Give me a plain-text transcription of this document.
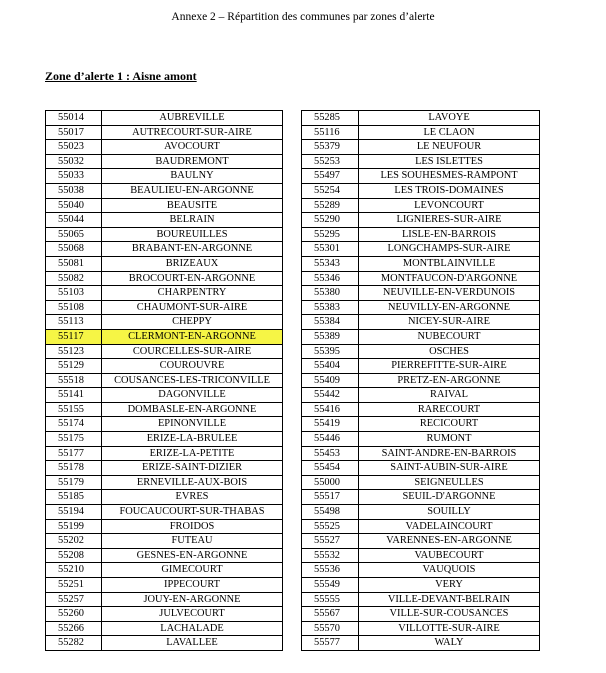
Annexe 2 – Répartition des communes par zones d’alerte
Zone d’alerte 1 : Aisne amont
55014	AUBREVILLE
55017	AUTRECOURT-SUR-AIRE
55023	AVOCOURT
55032	BAUDREMONT
55033	BAULNY
55038	BEAULIEU-EN-ARGONNE
55040	BEAUSITE
55044	BELRAIN
55065	BOUREUILLES
55068	BRABANT-EN-ARGONNE
55081	BRIZEAUX
55082	BROCOURT-EN-ARGONNE
55103	CHARPENTRY
55108	CHAUMONT-SUR-AIRE
55113	CHEPPY
55117	CLERMONT-EN-ARGONNE
55123	COURCELLES-SUR-AIRE
55129	COUROUVRE
55518	COUSANCES-LES-TRICONVILLE
55141	DAGONVILLE
55155	DOMBASLE-EN-ARGONNE
55174	EPINONVILLE
55175	ERIZE-LA-BRULEE
55177	ERIZE-LA-PETITE
55178	ERIZE-SAINT-DIZIER
55179	ERNEVILLE-AUX-BOIS
55185	EVRES
55194	FOUCAUCOURT-SUR-THABAS
55199	FROIDOS
55202	FUTEAU
55208	GESNES-EN-ARGONNE
55210	GIMECOURT
55251	IPPECOURT
55257	JOUY-EN-ARGONNE
55260	JULVECOURT
55266	LACHALADE
55282	LAVALLEE
55285	LAVOYE
55116	LE CLAON
55379	LE NEUFOUR
55253	LES ISLETTES
55497	LES SOUHESMES-RAMPONT
55254	LES TROIS-DOMAINES
55289	LEVONCOURT
55290	LIGNIERES-SUR-AIRE
55295	LISLE-EN-BARROIS
55301	LONGCHAMPS-SUR-AIRE
55343	MONTBLAINVILLE
55346	MONTFAUCON-D'ARGONNE
55380	NEUVILLE-EN-VERDUNOIS
55383	NEUVILLY-EN-ARGONNE
55384	NICEY-SUR-AIRE
55389	NUBECOURT
55395	OSCHES
55404	PIERREFITTE-SUR-AIRE
55409	PRETZ-EN-ARGONNE
55442	RAIVAL
55416	RARECOURT
55419	RECICOURT
55446	RUMONT
55453	SAINT-ANDRE-EN-BARROIS
55454	SAINT-AUBIN-SUR-AIRE
55000	SEIGNEULLES
55517	SEUIL-D'ARGONNE
55498	SOUILLY
55525	VADELAINCOURT
55527	VARENNES-EN-ARGONNE
55532	VAUBECOURT
55536	VAUQUOIS
55549	VERY
55555	VILLE-DEVANT-BELRAIN
55567	VILLE-SUR-COUSANCES
55570	VILLOTTE-SUR-AIRE
55577	WALY
